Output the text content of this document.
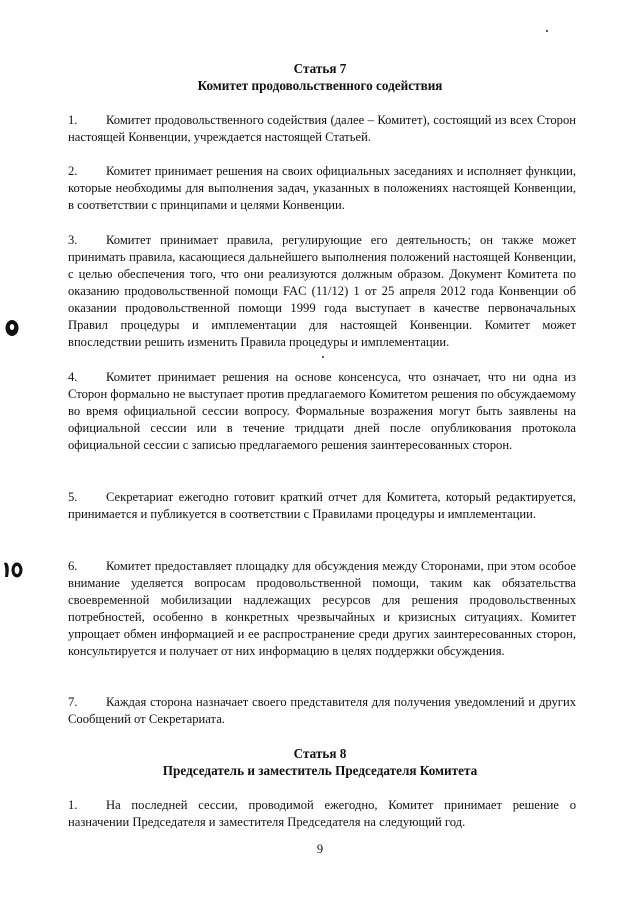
Статья 7
Комитет продовольственного содействия
1. Комитет продовольственного содействия (далее – Комитет), состоящий из всех Сторон настоящей Конвенции, учреждается настоящей Статьей.
2. Комитет принимает решения на своих официальных заседаниях и исполняет функции, которые необходимы для выполнения задач, указанных в положениях настоящей Конвенции, в соответствии с принципами и целями Конвенции.
3. Комитет принимает правила, регулирующие его деятельность; он также может принимать правила, касающиеся дальнейшего выполнения положений настоящей Конвенции, с целью обеспечения того, что они реализуются должным образом. Документ Комитета по оказанию продовольственной помощи FAC (11/12) 1 от 25 апреля 2012 года Конвенции об оказании продовольственной помощи 1999 года выступает в качестве первоначальных Правил процедуры и имплементации для настоящей Конвенции. Комитет может впоследствии решить изменить Правила процедуры и имплементации.
4. Комитет принимает решения на основе консенсуса, что означает, что ни одна из Сторон формально не выступает против предлагаемого Комитетом решения по обсуждаемому во время официальной сессии вопросу. Формальные возражения могут быть заявлены на официальной сессии или в течение тридцати дней после опубликования протокола официальной сессии с записью предлагаемого решения заинтересованных сторон.
5. Секретариат ежегодно готовит краткий отчет для Комитета, который редактируется, принимается и публикуется в соответствии с Правилами процедуры и имплементации.
6. Комитет предоставляет площадку для обсуждения между Сторонами, при этом особое внимание уделяется вопросам продовольственной помощи, таким как обязательства своевременной мобилизации надлежащих ресурсов для решения продовольственных потребностей, особенно в конкретных чрезвычайных и кризисных ситуациях. Комитет упрощает обмен информацией и ее распространение среди других заинтересованных сторон, консультируется и получает от них информацию в целях поддержки обсуждения.
7. Каждая сторона назначает своего представителя для получения уведомлений и других Сообщений от Секретариата.
Статья 8
Председатель и заместитель Председателя Комитета
1. На последней сессии, проводимой ежегодно, Комитет принимает решение о назначении Председателя и заместителя Председателя на следующий год.
9
